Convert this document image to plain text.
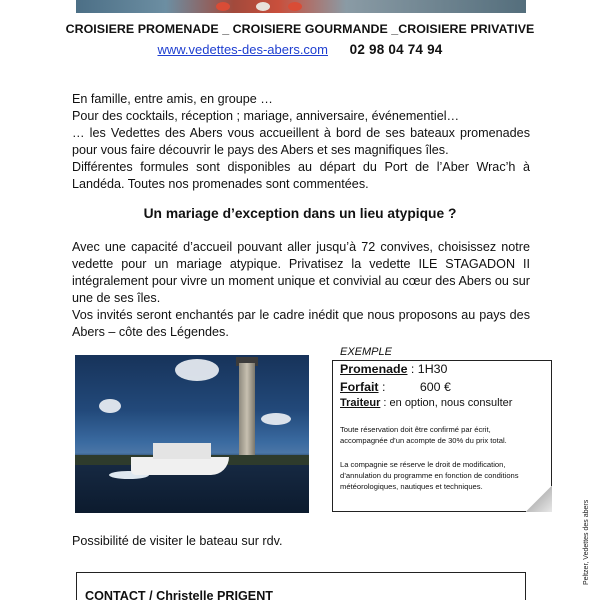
CROISIERE PROMENADE _ CROISIERE GOURMANDE _CROISIERE PRIVATIVE
www.vedettes-des-abers.com 02 98 04 74 94

En famille, entre amis, en groupe …

Pour des cocktails, réception ; mariage, anniversaire, événementiel…

… les Vedettes des Abers vous accueillent à bord de ses bateaux promenades pour vous faire découvrir le pays des Abers et ses magnifiques îles.

Différentes formules sont disponibles au départ du Port de l’Aber Wrac’h à Landéda. Toutes nos promenades sont commentées.

Un mariage d’exception dans un lieu atypique ?

Avec une capacité d’accueil pouvant aller jusqu’à 72 convives, choisissez notre vedette pour un mariage atypique. Privatisez la vedette ILE STAGADON II intégralement pour vivre un moment unique et convivial au cœur des Abers ou sur une de ses îles.

Vos invités seront enchantés par le cadre inédit que nous proposons au pays des Abers – côte des Légendes.

EXEMPLE
Promenade : 1H30
Forfait :          600 €
Traiteur : en option, nous consulter
Toute réservation doit être confirmé par écrit, accompagnée d’un acompte de 30% du prix total.
La compagnie se réserve le droit de modification, d’annulation du programme en fonction de conditions météorologiques, nautiques et techniques.
Possibilité de visiter le bateau sur rdv.	Peltzer, Vedettes des abers
CONTACT / Christelle PRIGENT
